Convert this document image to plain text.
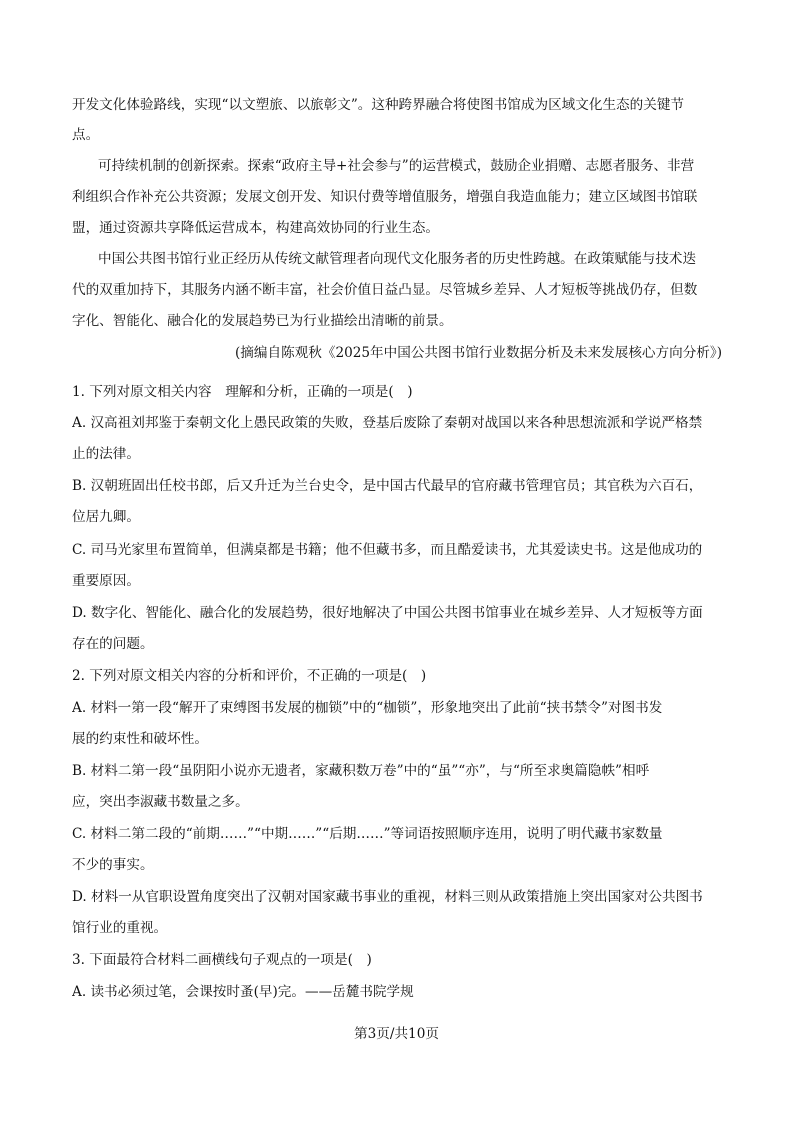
开发文化体验路线，实现“以文塑旅、以旅彰文”。这种跨界融合将使图书馆成为区域文化生态的关键节
点。
可持续机制的创新探索。探索“政府主导+社会参与”的运营模式，鼓励企业捐赠、志愿者服务、非营
利组织合作补充公共资源；发展文创开发、知识付费等增值服务，增强自我造血能力；建立区域图书馆联
盟，通过资源共享降低运营成本，构建高效协同的行业生态。
中国公共图书馆行业正经历从传统文献管理者向现代文化服务者的历史性跨越。在政策赋能与技术迭
代的双重加持下，其服务内涵不断丰富，社会价值日益凸显。尽管城乡差异、人才短板等挑战仍存，但数
字化、智能化、融合化的发展趋势已为行业描绘出清晰的前景。
(摘编自陈观秋《2025年中国公共图书馆行业数据分析及未来发展核心方向分析》)
1. 下列对原文相关内容　理解和分析，正确的一项是(　)
A. 汉高祖刘邦鉴于秦朝文化上愚民政策的失败，登基后废除了秦朝对战国以来各种思想流派和学说严格禁
止的法律。
B. 汉朝班固出任校书郎，后又升迁为兰台史令，是中国古代最早的官府藏书管理官员；其官秩为六百石，
位居九卿。
C. 司马光家里布置简单，但满桌都是书籍；他不但藏书多，而且酷爱读书，尤其爱读史书。这是他成功的
重要原因。
D. 数字化、智能化、融合化的发展趋势，很好地解决了中国公共图书馆事业在城乡差异、人才短板等方面
存在的问题。
2. 下列对原文相关内容的分析和评价，不正确的一项是(　)
A. 材料一第一段“解开了束缚图书发展的枷锁”中的“枷锁”，形象地突出了此前“挟书禁令”对图书发
展的约束性和破坏性。
B. 材料二第一段“虽阴阳小说亦无遗者，家藏积数万卷”中的“虽”“亦”，与“所至求奥篇隐帙”相呼
应，突出李淑藏书数量之多。
C. 材料二第二段的“前期……”“中期……”“后期……”等词语按照顺序连用，说明了明代藏书家数量
不少的事实。
D. 材料一从官职设置角度突出了汉朝对国家藏书事业的重视，材料三则从政策措施上突出国家对公共图书
馆行业的重视。
3. 下面最符合材料二画横线句子观点的一项是(　)
A. 读书必须过笔，会课按时蚤(早)完。——岳麓书院学规
第3页/共10页
